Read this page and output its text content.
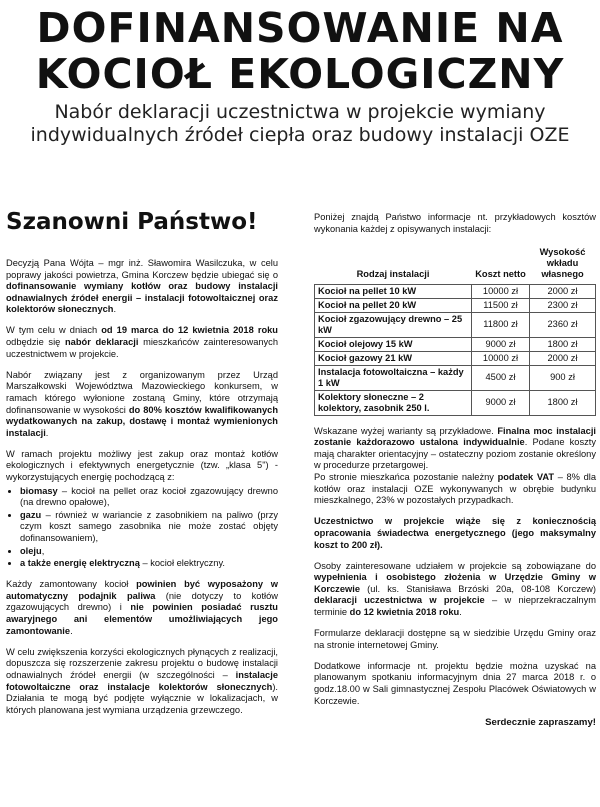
DOFINANSOWANIE NA
KOCIOŁ EKOLOGICZNY
Nabór deklaracji uczestnictwa w projekcie wymiany
indywidualnych źródeł ciepła oraz budowy instalacji OZE
Szanowni Państwo!

Decyzją Pana Wójta – mgr inż. Sławomira Wasilczuka, w celu poprawy jakości powietrza, Gmina Korczew będzie ubiegać się o dofinansowanie wymiany kotłów oraz budowy instalacji odnawialnych źródeł energii – instalacji fotowoltaicznej oraz kolektorów słonecznych.

W tym celu w dniach od 19 marca do 12 kwietnia 2018 roku odbędzie się nabór deklaracji mieszkańców zainteresowanych uczestnictwem w projekcie.

Nabór związany jest z organizowanym przez Urząd Marszałkowski Województwa Mazowieckiego konkursem, w ramach którego wyłonione zostaną Gminy, które otrzymają dofinansowanie w wysokości do 80% kosztów kwalifikowanych wydatkowanych na zakup, dostawę i montaż wymienionych instalacji.

W ramach projektu możliwy jest zakup oraz montaż kotłów ekologicznych i efektywnych energetycznie (tzw. „klasa 5") - wykorzystujących energię pochodzącą z:

• biomasy – kocioł na pellet oraz kocioł zgazowujący drewno (na drewno opałowe),
• gazu – również w wariancie z zasobnikiem na paliwo (przy czym koszt samego zasobnika nie może zostać objęty dofinansowaniem),
• oleju,
• a także energię elektryczną – kocioł elektryczny.

Każdy zamontowany kocioł powinien być wyposażony w automatyczny podajnik paliwa (nie dotyczy to kotłów zgazowujących drewno) i nie powinien posiadać rusztu awaryjnego ani elementów umożliwiających jego zamontowanie.

W celu zwiększenia korzyści ekologicznych płynących z realizacji, dopuszcza się rozszerzenie zakresu projektu o budowę instalacji odnawialnych źródeł energii (w szczególności – instalacje fotowoltaiczne oraz instalacje kolektorów słonecznych). Działania te mogą być podjęte wyłącznie w lokalizacjach, w których planowana jest wymiana urządzenia grzewczego.

Poniżej znajdą Państwo informacje nt. przykładowych kosztów wykonania każdej z opisywanych instalacji:

Rodzaj instalacji	Koszt netto	Wysokość wkładu własnego
Kocioł na pellet 10 kW	10000 zł	2000 zł
Kocioł na pellet 20 kW	11500 zł	2300 zł
Kocioł zgazowujący drewno – 25 kW	11800 zł	2360 zł
Kocioł olejowy 15 kW	9000 zł	1800 zł
Kocioł gazowy 21 kW	10000 zł	2000 zł
Instalacja fotowoltaiczna – każdy 1 kW	4500 zł	900 zł
Kolektory słoneczne – 2 kolektory, zasobnik 250 l.	9000 zł	1800 zł

Wskazane wyżej warianty są przykładowe. Finalna moc instalacji zostanie każdorazowo ustalona indywidualnie. Podane koszty mają charakter orientacyjny – ostateczny poziom zostanie określony w procedurze przetargowej.
Po stronie mieszkańca pozostanie należny podatek VAT – 8% dla kotłów oraz instalacji OZE wykonywanych w obrębie budynku mieszkalnego, 23% w pozostałych przypadkach.

Uczestnictwo w projekcie wiąże się z koniecznością opracowania świadectwa energetycznego (jego maksymalny koszt to 200 zł).

Osoby zainteresowane udziałem w projekcie są zobowiązane do wypełnienia i osobistego złożenia w Urzędzie Gminy w Korczewie (ul. ks. Stanisława Brzóski 20a, 08-108 Korczew) deklaracji uczestnictwa w projekcie – w nieprzekraczalnym terminie do 12 kwietnia 2018 roku.

Formularze deklaracji dostępne są w siedzibie Urzędu Gminy oraz na stronie internetowej Gminy.

Dodatkowe informacje nt. projektu będzie można uzyskać na planowanym spotkaniu informacyjnym dnia 27 marca 2018 r. o godz.18.00 w Sali gimnastycznej Zespołu Placówek Oświatowych w Korczewie.

Serdecznie zapraszamy!
